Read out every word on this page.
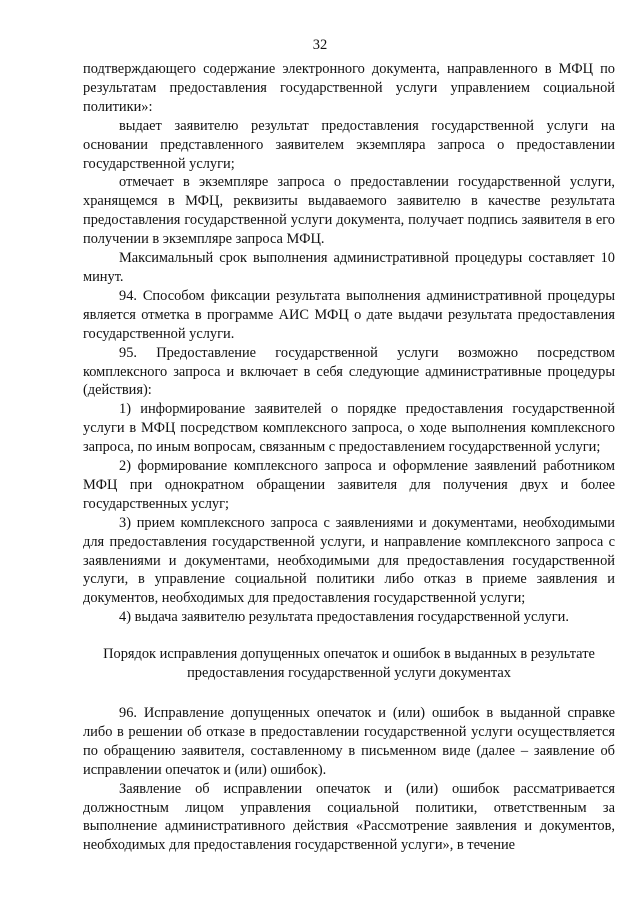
32

подтверждающего содержание электронного документа, направленного в МФЦ по результатам предоставления государственной услуги управлением социальной политики»:

выдает заявителю результат предоставления государственной услуги на основании представленного заявителем экземпляра запроса о предоставлении государственной услуги;

отмечает в экземпляре запроса о предоставлении государственной услуги, хранящемся в МФЦ, реквизиты выдаваемого заявителю в качестве результата предоставления государственной услуги документа, получает подпись заявителя в его получении в экземпляре запроса МФЦ.

Максимальный срок выполнения административной процедуры составляет 10 минут.

94. Способом фиксации результата выполнения административной процедуры является отметка в программе АИС МФЦ о дате выдачи результата предоставления государственной услуги.

95. Предоставление государственной услуги возможно посредством комплексного запроса и включает в себя следующие административные процедуры (действия):

1) информирование заявителей о порядке предоставления государственной услуги в МФЦ посредством комплексного запроса, о ходе выполнения комплексного запроса, по иным вопросам, связанным с предоставлением государственной услуги;

2) формирование комплексного запроса и оформление заявлений работником МФЦ при однократном обращении заявителя для получения двух и более государственных услуг;

3) прием комплексного запроса с заявлениями и документами, необходимыми для предоставления государственной услуги, и направление комплексного запроса с заявлениями и документами, необходимыми для предоставления государственной услуги, в управление социальной политики либо отказ в приеме заявления и документов, необходимых для предоставления государственной услуги;

4) выдача заявителю результата предоставления государственной услуги.

Порядок исправления допущенных опечаток и ошибок в выданных в результате
предоставления государственной услуги документах

96. Исправление допущенных опечаток и (или) ошибок в выданной справке либо в решении об отказе в предоставлении государственной услуги осуществляется по обращению заявителя, составленному в письменном виде (далее – заявление об исправлении опечаток и (или) ошибок).

Заявление об исправлении опечаток и (или) ошибок рассматривается должностным лицом управления социальной политики, ответственным за выполнение административного действия «Рассмотрение заявления и документов, необходимых для предоставления государственной услуги», в течение
